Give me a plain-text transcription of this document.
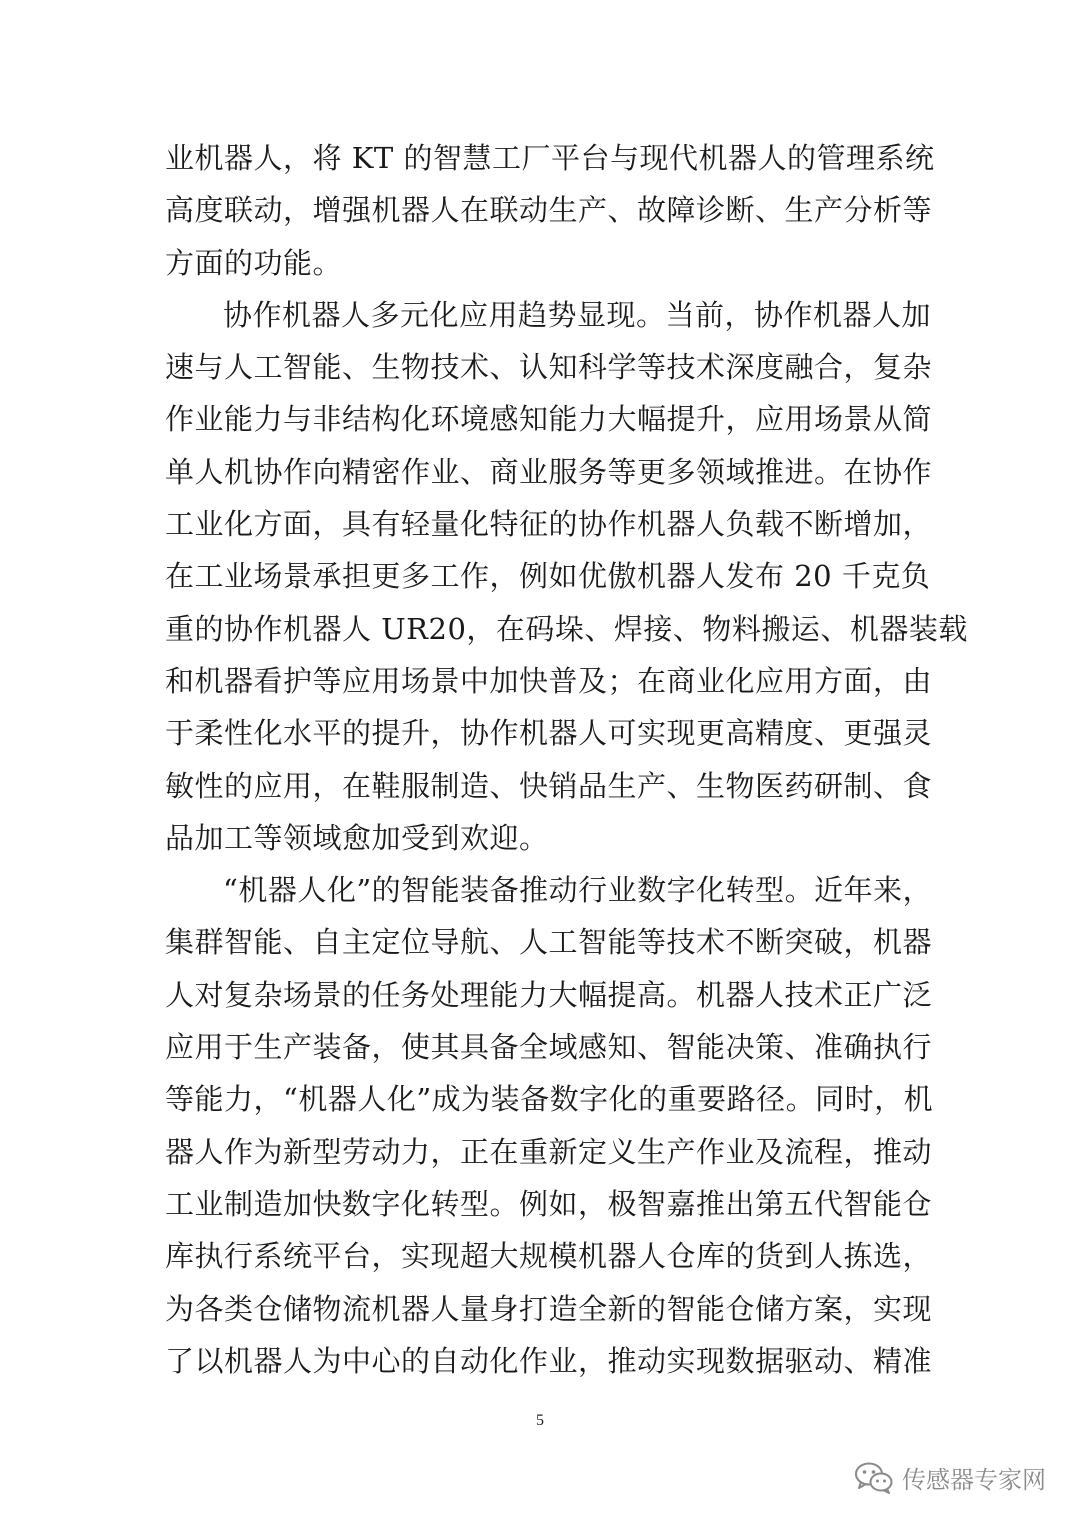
业机器人，将 KT 的智慧工厂平台与现代机器人的管理系统
高度联动，增强机器人在联动生产、故障诊断、生产分析等
方面的功能。
协作机器人多元化应用趋势显现。当前，协作机器人加
速与人工智能、生物技术、认知科学等技术深度融合，复杂
作业能力与非结构化环境感知能力大幅提升，应用场景从简
单人机协作向精密作业、商业服务等更多领域推进。在协作
工业化方面，具有轻量化特征的协作机器人负载不断增加，
在工业场景承担更多工作，例如优傲机器人发布 20 千克负
重的协作机器人 UR20，在码垛、焊接、物料搬运、机器装载
和机器看护等应用场景中加快普及；在商业化应用方面，由
于柔性化水平的提升，协作机器人可实现更高精度、更强灵
敏性的应用，在鞋服制造、快销品生产、生物医药研制、食
品加工等领域愈加受到欢迎。
“机器人化”的智能装备推动行业数字化转型。近年来，
集群智能、自主定位导航、人工智能等技术不断突破，机器
人对复杂场景的任务处理能力大幅提高。机器人技术正广泛
应用于生产装备，使其具备全域感知、智能决策、准确执行
等能力，“机器人化”成为装备数字化的重要路径。同时，机
器人作为新型劳动力，正在重新定义生产作业及流程，推动
工业制造加快数字化转型。例如，极智嘉推出第五代智能仓
库执行系统平台，实现超大规模机器人仓库的货到人拣选，
为各类仓储物流机器人量身打造全新的智能仓储方案，实现
了以机器人为中心的自动化作业，推动实现数据驱动、精准
5
传感器专家网
